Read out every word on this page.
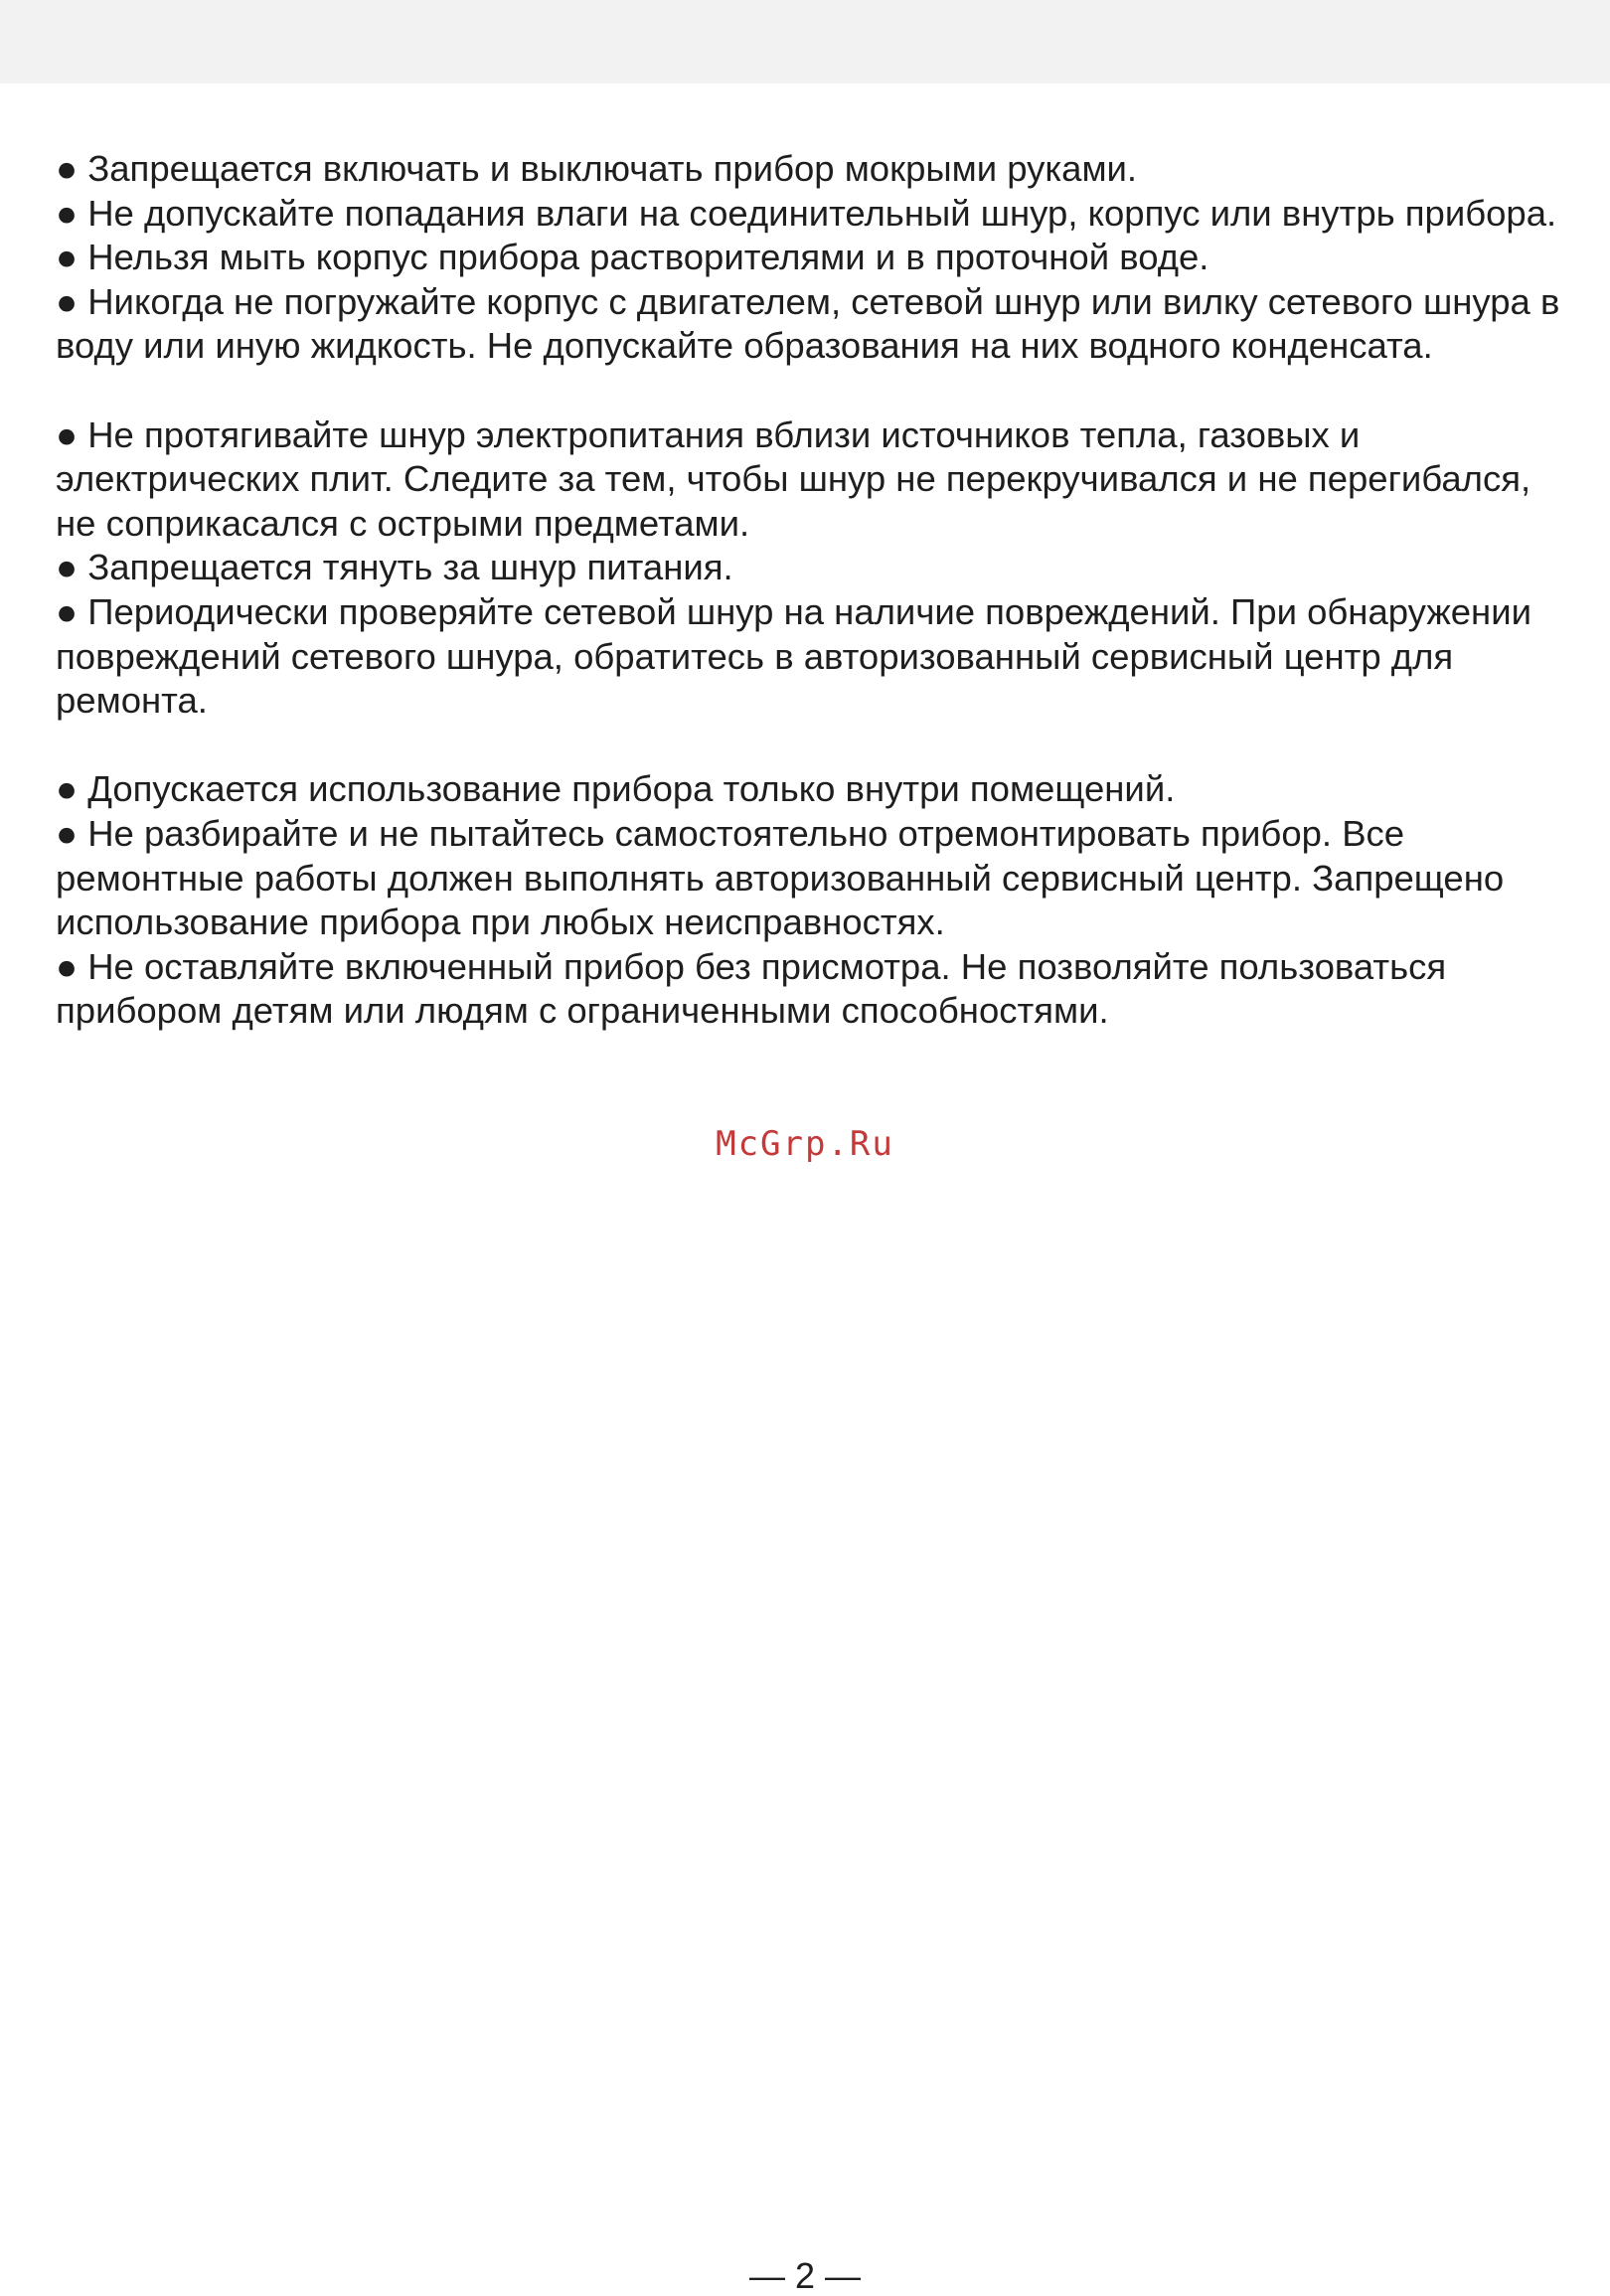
● Запрещается включать и выключать прибор мокрыми руками.

● Не допускайте попадания влаги на соединительный шнур, корпус или внутрь прибора.

● Нельзя мыть корпус прибора растворителями и в проточной воде.

● Никогда не погружайте корпус с двигателем, сетевой шнур или вилку сетевого шнура в воду или иную жидкость. Не допускайте образования на них водного конденсата.

● Не протягивайте шнур электропитания вблизи источников тепла, газовых и электрических плит. Следите за тем, чтобы шнур не перекручивался и не перегибался, не соприкасался с острыми предметами.

● Запрещается тянуть за шнур питания.

● Периодически проверяйте сетевой шнур на наличие повреждений. При обнаружении повреждений сетевого шнура, обратитесь в авторизованный сервисный центр для ремонта.

● Допускается использование прибора только внутри помещений.

● Не разбирайте и не пытайтесь самостоятельно отремонтировать прибор. Все ремонтные работы должен выполнять авторизованный сервисный центр. Запрещено использование прибора при любых неисправностях.

● Не оставляйте включенный прибор без присмотра. Не позволяйте пользоваться прибором детям или людям с ограниченными способностями.

McGrp.Ru
— 2 —
